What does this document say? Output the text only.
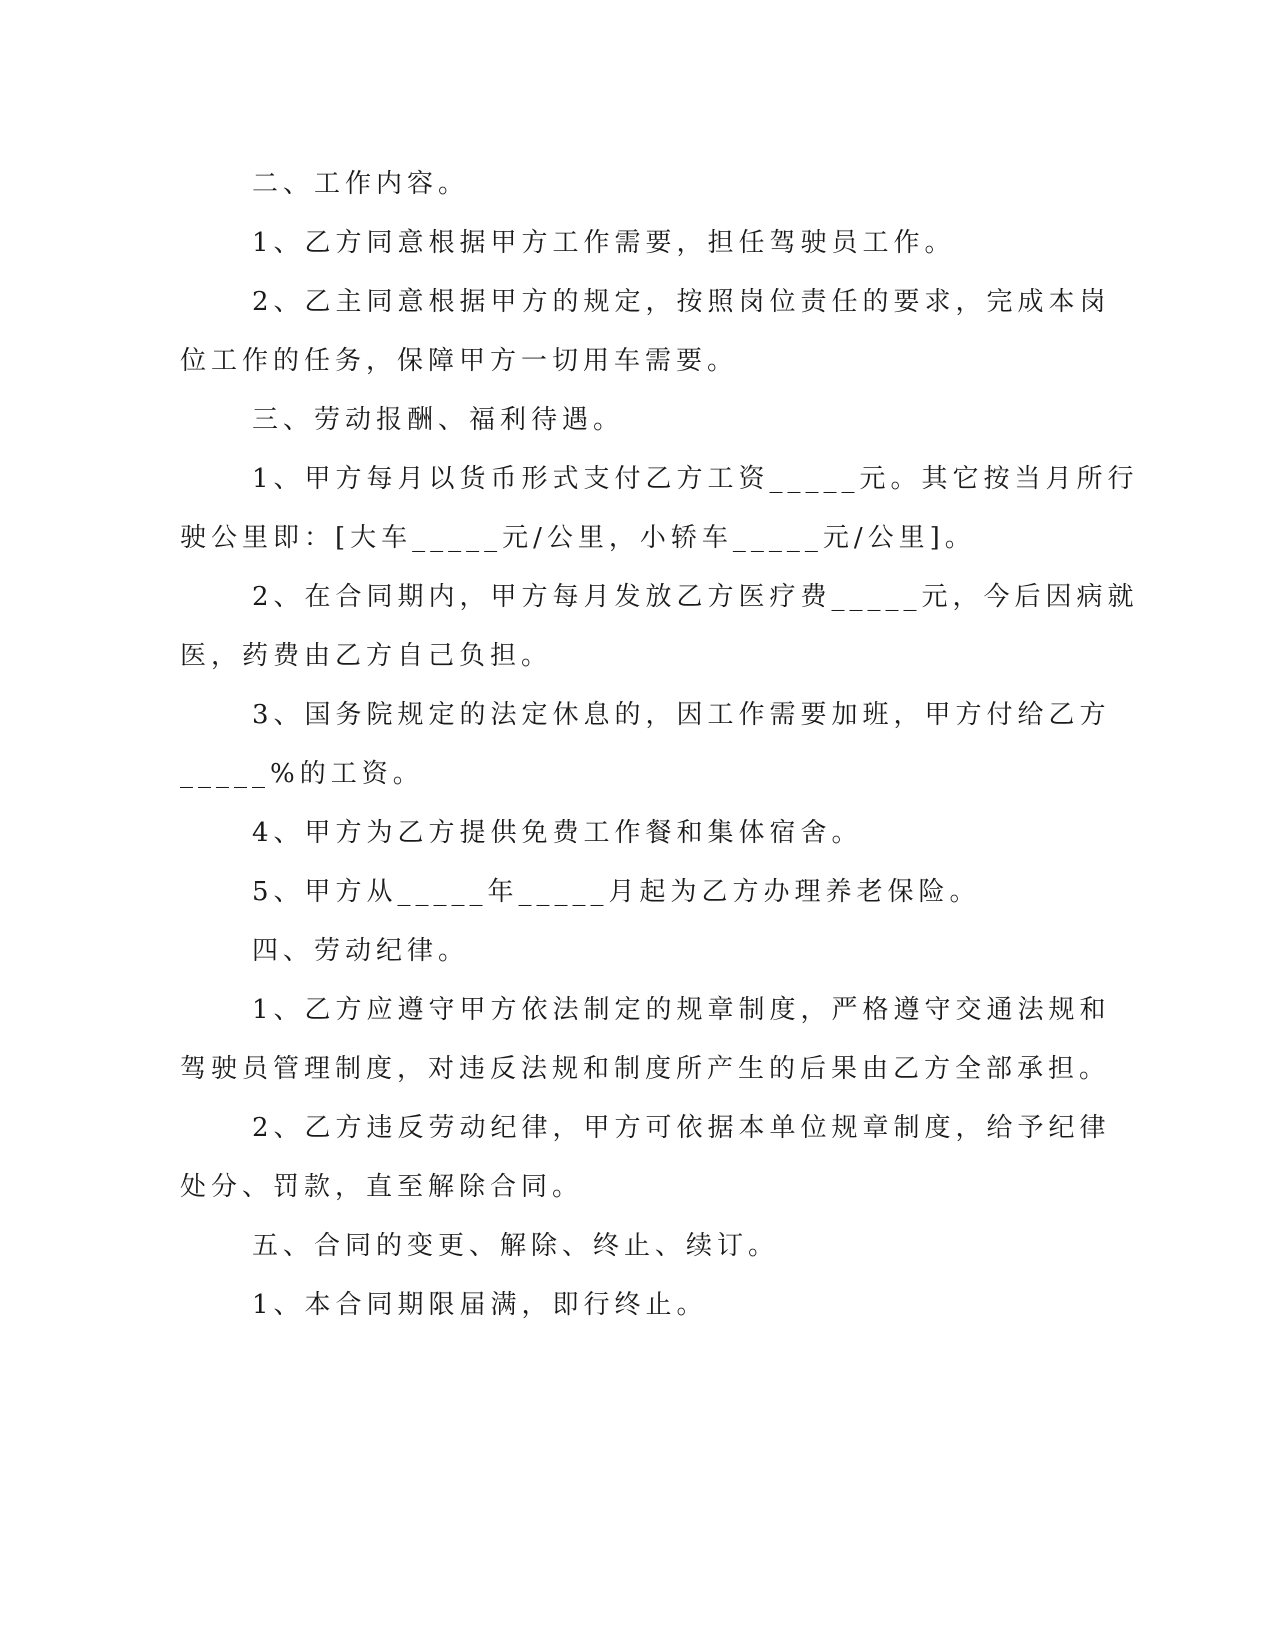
二、工作内容。
1、乙方同意根据甲方工作需要，担任驾驶员工作。
2、乙主同意根据甲方的规定，按照岗位责任的要求，完成本岗
位工作的任务，保障甲方一切用车需要。
三、劳动报酬、福利待遇。
1、甲方每月以货币形式支付乙方工资_____元。其它按当月所行
驶公里即：[大车_____元/公里，小轿车_____元/公里]。
2、在合同期内，甲方每月发放乙方医疗费_____元，今后因病就
医，药费由乙方自己负担。
3、国务院规定的法定休息的，因工作需要加班，甲方付给乙方
_____%的工资。
4、甲方为乙方提供免费工作餐和集体宿舍。
5、甲方从_____年_____月起为乙方办理养老保险。
四、劳动纪律。
1、乙方应遵守甲方依法制定的规章制度，严格遵守交通法规和
驾驶员管理制度，对违反法规和制度所产生的后果由乙方全部承担。
2、乙方违反劳动纪律，甲方可依据本单位规章制度，给予纪律
处分、罚款，直至解除合同。
五、合同的变更、解除、终止、续订。
1、本合同期限届满，即行终止。
